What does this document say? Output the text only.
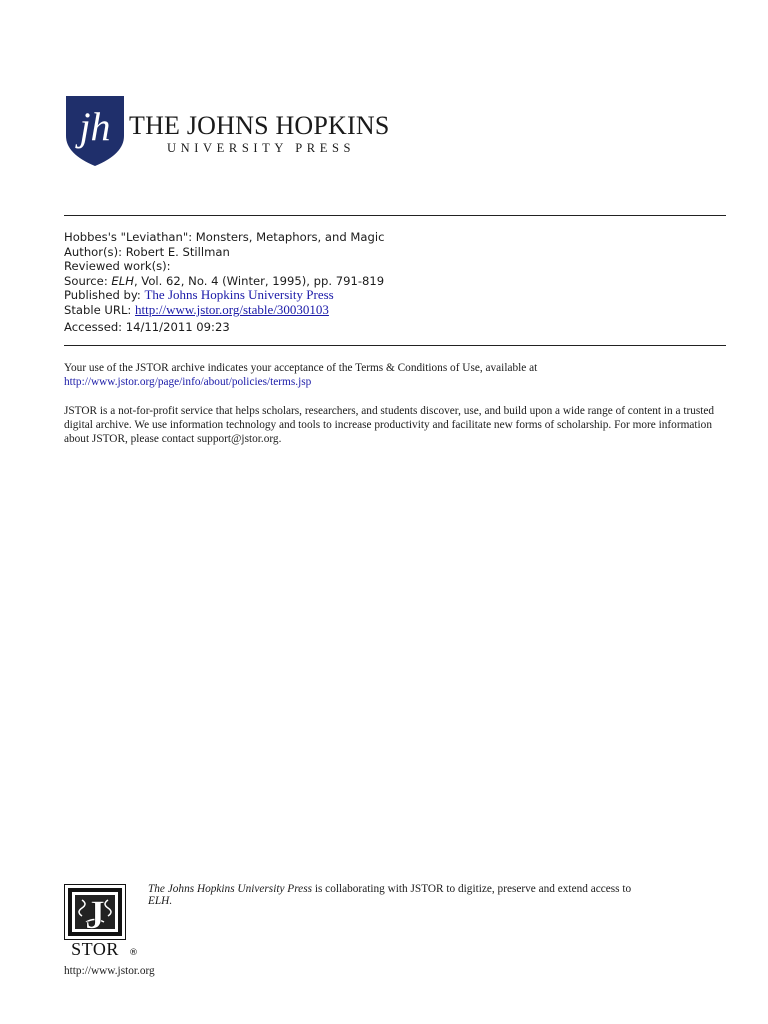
jh THE JOHNS HOPKINS
UNIVERSITY PRESS
Hobbes's "Leviathan": Monsters, Metaphors, and Magic
Author(s): Robert E. Stillman
Reviewed work(s):
Source: ELH, Vol. 62, No. 4 (Winter, 1995), pp. 791-819
Published by: The Johns Hopkins University Press
Stable URL: http://www.jstor.org/stable/30030103
Accessed: 14/11/2011 09:23
Your use of the JSTOR archive indicates your acceptance of the Terms & Conditions of Use, available at
http://www.jstor.org/page/info/about/policies/terms.jsp
JSTOR is a not-for-profit service that helps scholars, researchers, and students discover, use, and build upon a wide range of content in a trusted digital archive. We use information technology and tools to increase productivity and facilitate new forms of scholarship. For more information about JSTOR, please contact support@jstor.org.
J
STOR ®
The Johns Hopkins University Press is collaborating with JSTOR to digitize, preserve and extend access to
ELH.
http://www.jstor.org
